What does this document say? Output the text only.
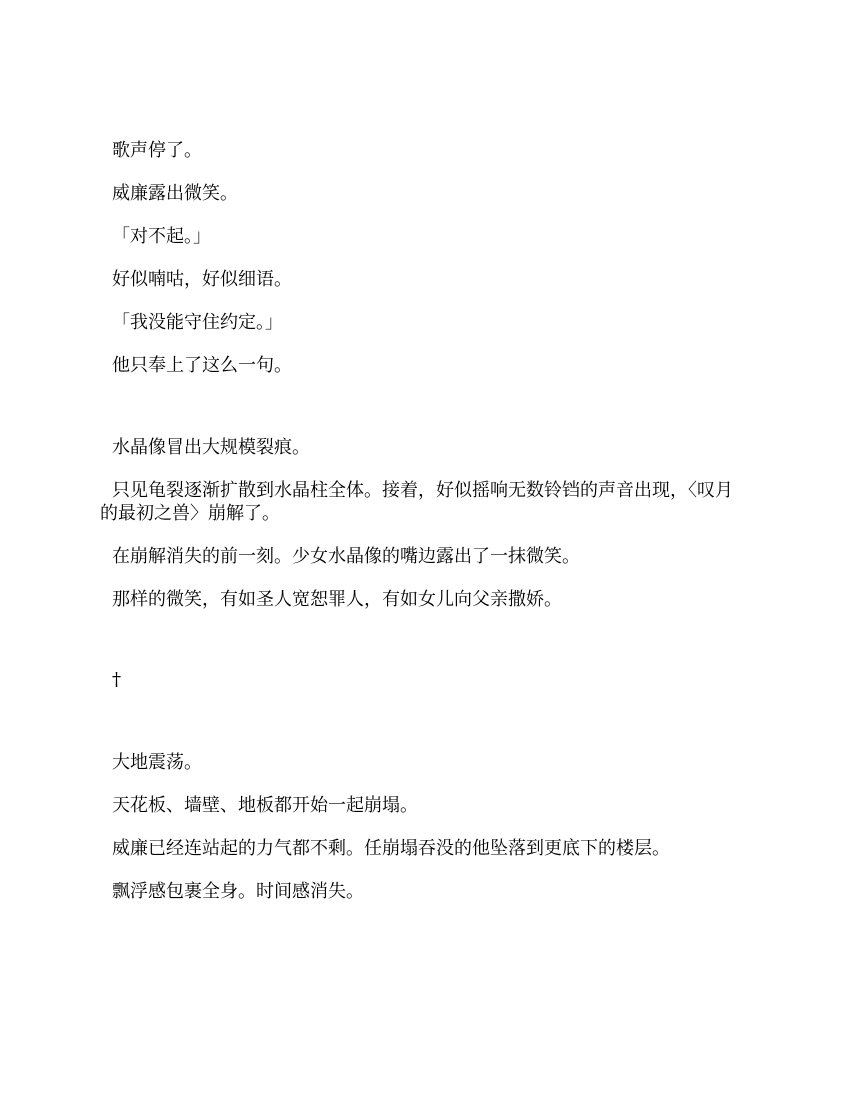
歌声停了。

威廉露出微笑。

「对不起。」

好似喃咕，好似细语。

「我没能守住约定。」

他只奉上了这么一句。

水晶像冒出大规模裂痕。

只见龟裂逐渐扩散到水晶柱全体。接着，好似摇响无数铃铛的声音出现，〈叹月的最初之兽〉崩解了。

在崩解消失的前一刻。少女水晶像的嘴边露出了一抹微笑。

那样的微笑，有如圣人宽恕罪人，有如女儿向父亲撒娇。

†

大地震荡。

天花板、墙壁、地板都开始一起崩塌。

威廉已经连站起的力气都不剩。任崩塌吞没的他坠落到更底下的楼层。

飘浮感包裹全身。时间感消失。
